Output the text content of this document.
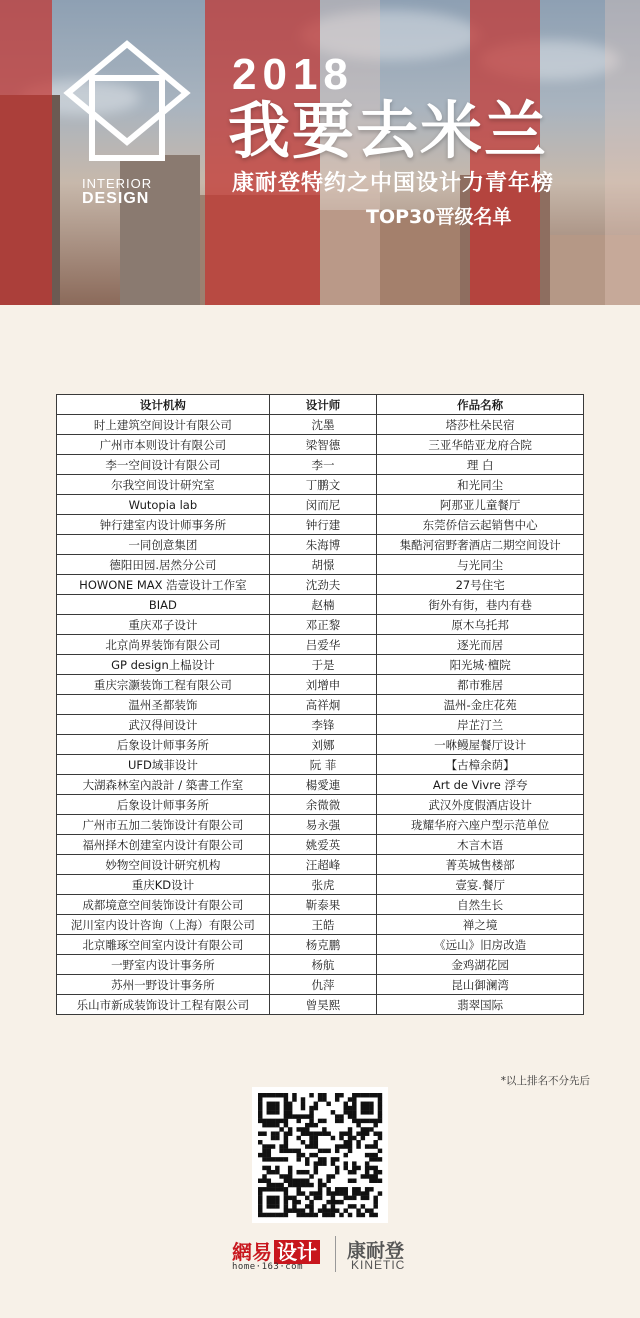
INTERIOR
DESIGN
2018
我要去米兰
康耐登特约之中国设计力青年榜
TOP30晋级名单
设计机构	设计师	作品名称
时上建筑空间设计有限公司	沈墨	塔莎杜朵民宿
广州市本则设计有限公司	梁智德	三亚华皓亚龙府合院
李一空间设计有限公司	李一	理 白
尔我空间设计研究室	丁鹏文	和光同尘
Wutopia lab	闵而尼	阿那亚儿童餐厅
钟行建室内设计师事务所	钟行建	东莞侨信云起销售中心
一同创意集团	朱海博	集酷河宿野奢酒店二期空间设计
德阳田园.居然分公司	胡憬	与光同尘
HOWONE MAX 浩壹设计工作室	沈劲夫	27号住宅
BIAD	赵楠	街外有街，巷内有巷
重庆邓子设计	邓正黎	原木乌托邦
北京尚界装饰有限公司	吕爱华	逐光而居
GP design上榀设计	于是	阳光城·檀院
重庆宗灏装饰工程有限公司	刘增申	都市雅居
温州圣都装饰	高祥炯	温州-金庄花苑
武汉得间设计	李锋	岸芷汀兰
后象设计师事务所	刘娜	一咻鳗屋餐厅设计
UFD域菲设计	阮 菲	【古樟余荫】
大湖森林室內設計 / 築書工作室	楊愛連	Art de Vivre 浮夸
后象设计师事务所	余微微	武汉外度假酒店设计
广州市五加二装饰设计有限公司	易永强	珑耀华府六座户型示范单位
福州择木创建室内设计有限公司	姚爱英	木言木语
妙物空间设计研究机构	汪超峰	菁英城售楼部
重庆KD设计	张虎	壹宴.餐厅
成都境意空间装饰设计有限公司	靳泰果	自然生长
泥川室内设计咨询（上海）有限公司	王皓	禅之境
北京雕琢空间室内设计有限公司	杨克鹏	《远山》旧房改造
一野室内设计事务所	杨航	金鸡湖花园
苏州一野设计事务所	仇萍	昆山御澜湾
乐山市新成装饰设计工程有限公司	曾昊熙	翡翠国际
*以上排名不分先后
網易 设计
home·163·com
康耐登
KINETIC
